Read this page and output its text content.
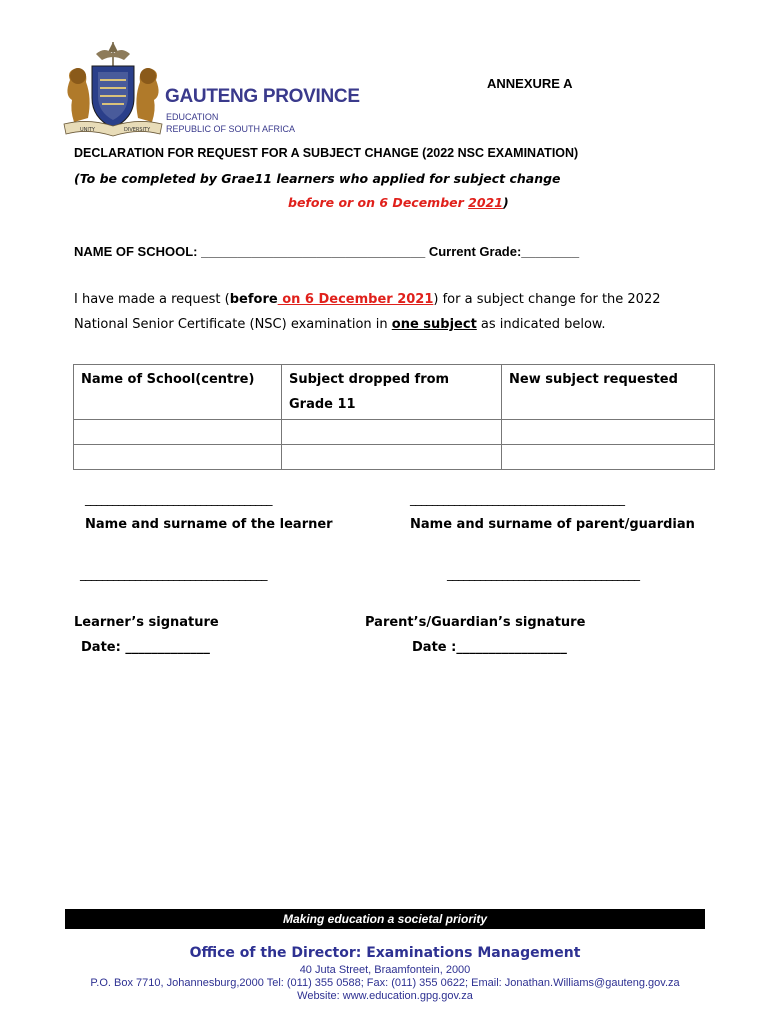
UNITY	DIVERSITY
GAUTENG PROVINCE
EDUCATION
REPUBLIC OF SOUTH AFRICA
ANNEXURE A
DECLARATION FOR REQUEST FOR A SUBJECT CHANGE (2022 NSC EXAMINATION)
(To be completed by Grae11 learners who applied for subject change
before or on 6 December 2021)
NAME OF SCHOOL: _______________________________ Current Grade:________
I have made a request (before on 6 December 2021) for a subject change for the 2022
National Senior Certificate (NSC) examination in one subject as indicated below.
Name of School(centre)	Subject dropped from Grade 11	New subject requested

__________________________________	_______________________________________
Name and surname of the learner	Name and surname of parent/guardian
__________________________________	___________________________________
Learner’s signature	Parent’s/Guardian’s signature
Date: _____________	Date :_________________
Making education a societal priority
Office of the Director: Examinations Management
40 Juta Street, Braamfontein, 2000
P.O. Box 7710, Johannesburg,2000 Tel: (011) 355 0588; Fax: (011) 355 0622; Email: Jonathan.Williams@gauteng.gov.za
Website: www.education.gpg.gov.za
